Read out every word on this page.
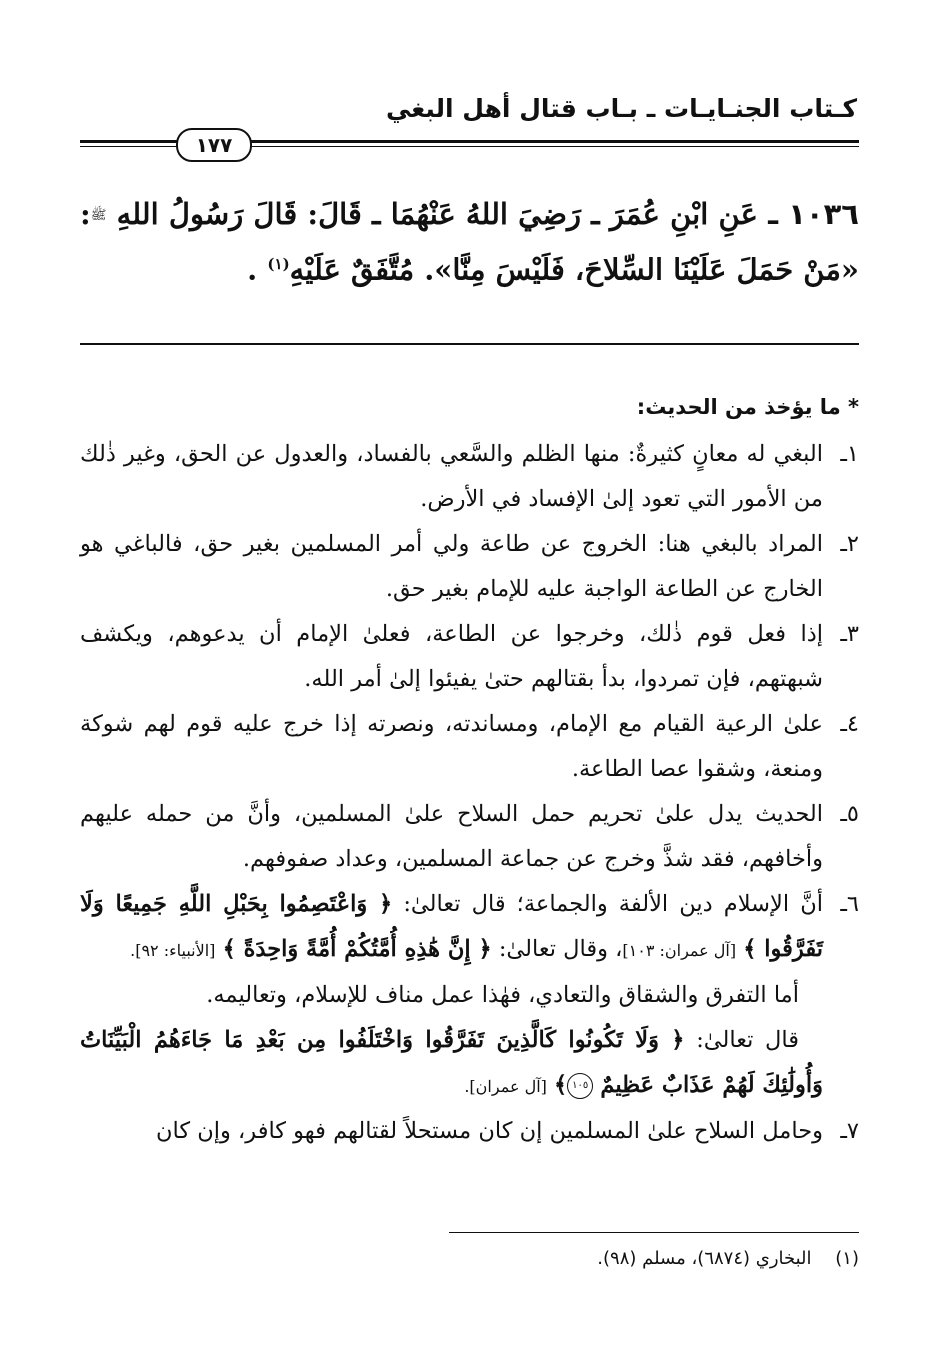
كـتاب الجنـايـات ـ بـاب قتال أهل البغي
١٧٧
١٠٣٦ ـ عَنِ ابْنِ عُمَرَ ـ رَضِيَ اللهُ عَنْهُمَا ـ قَالَ: قَالَ رَسُولُ اللهِ ﷺ: «مَنْ حَمَلَ عَلَيْنَا السِّلاحَ، فَلَيْسَ مِنَّا». مُتَّفَقٌ عَلَيْهِ$^{(١)}$ .
* ما يؤخذ من الحديث:

١ـالبغي له معانٍ كثيرةٌ: منها الظلم والسَّعي بالفساد، والعدول عن الحق، وغير ذٰلك من الأمور التي تعود إلىٰ الإفساد في الأرض.

٢ـالمراد بالبغي هنا: الخروج عن طاعة ولي أمر المسلمين بغير حق، فالباغي هو الخارج عن الطاعة الواجبة عليه للإمام بغير حق.

٣ـإذا فعل قوم ذٰلك، وخرجوا عن الطاعة، فعلىٰ الإمام أن يدعوهم، ويكشف شبهتهم، فإن تمردوا، بدأ بقتالهم حتىٰ يفيئوا إلىٰ أمر الله.

٤ـعلىٰ الرعية القيام مع الإمام، ومساندته، ونصرته إذا خرج عليه قوم لهم شوكة ومنعة، وشقوا عصا الطاعة.

٥ـالحديث يدل علىٰ تحريم حمل السلاح علىٰ المسلمين، وأنَّ من حمله عليهم وأخافهم، فقد شذَّ وخرج عن جماعة المسلمين، وعداد صفوفهم.

٦ـأنَّ الإسلام دين الألفة والجماعة؛ قال تعالىٰ: ﴿ وَاعْتَصِمُوا بِحَبْلِ اللَّهِ جَمِيعًا وَلَا تَفَرَّقُوا ﴾ [آل عمران: ١٠٣]، وقال تعالىٰ: ﴿ إِنَّ هَٰذِهِ أُمَّتُكُمْ أُمَّةً وَاحِدَةً ﴾ [الأنبياء: ٩٢].

أما التفرق والشقاق والتعادي، فهٰذا عمل مناف للإسلام، وتعاليمه.

قال تعالىٰ: ﴿ وَلَا تَكُونُوا كَالَّذِينَ تَفَرَّقُوا وَاخْتَلَفُوا مِن بَعْدِ مَا جَاءَهُمُ الْبَيِّنَاتُ وَأُولَٰئِكَ لَهُمْ عَذَابٌ عَظِيمٌ ١٠٥﴾ [آل عمران].

٧ـوحامل السلاح علىٰ المسلمين إن كان مستحلاً لقتالهم فهو كافر، وإن كان

(١) البخاري (٦٨٧٤)، مسلم (٩٨).
